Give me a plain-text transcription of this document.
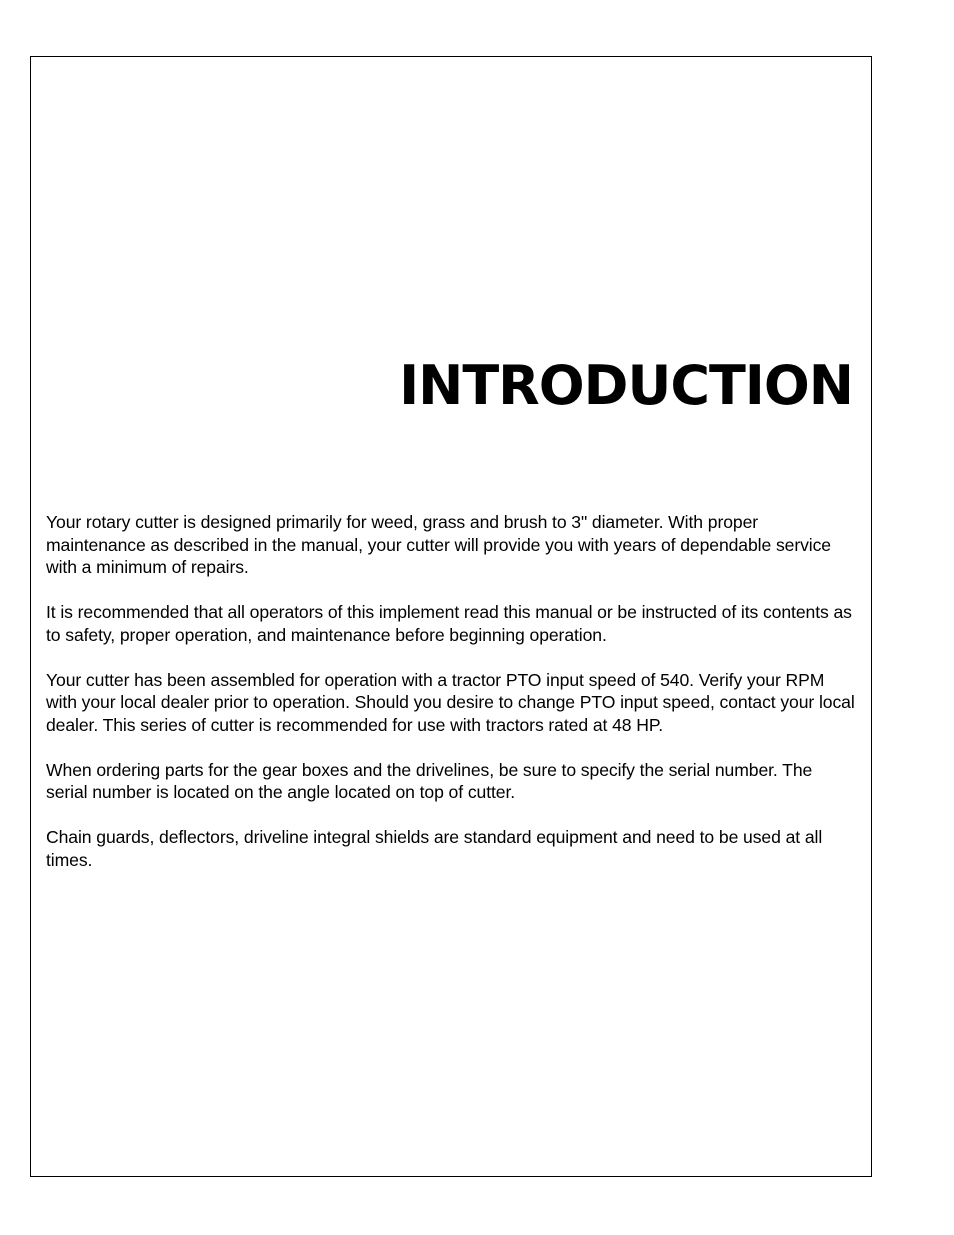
INTRODUCTION

Your rotary cutter is designed primarily for weed, grass and brush to 3" diameter. With proper maintenance as described in the manual, your cutter will provide you with years of dependable service with a minimum of repairs.

It is recommended that all operators of this implement read this manual or be instructed of its contents as to safety, proper operation, and maintenance before beginning operation.

Your cutter has been assembled for operation with a tractor PTO input speed of 540. Verify your RPM with your local dealer prior to operation. Should you desire to change PTO input speed, contact your local dealer. This series of cutter is recommended for use with tractors rated at 48 HP.

When ordering parts for the gear boxes and the drivelines, be sure to specify the serial number. The serial number is located on the angle located on top of cutter.

Chain guards, deflectors, driveline integral shields are standard equipment and need to be used at all times.
